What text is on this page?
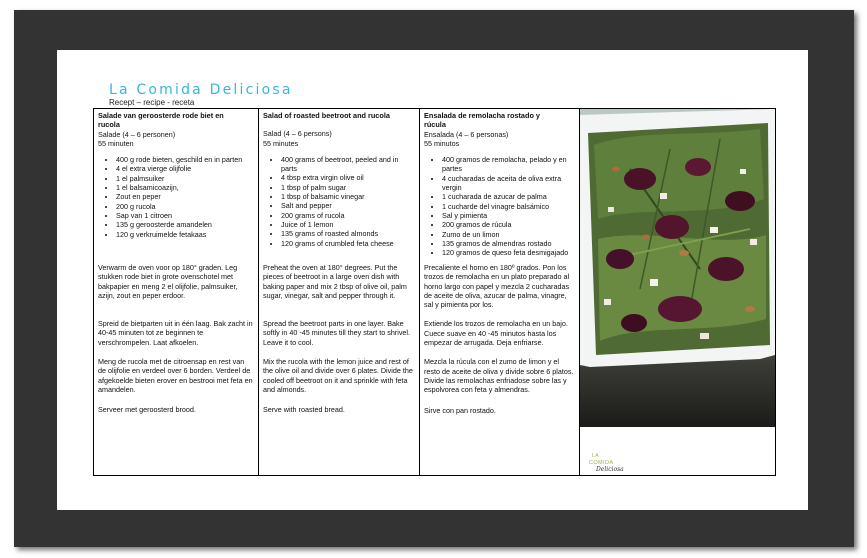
La Comida Deliciosa
Recept – recipe - receta
Salade van geroosterde rode biet en
rucola

Salade (4 – 6 personen)

55 minuten

• 400 g rode bieten, geschild en in parten
• 4 el extra vierge olijfolie
• 1 el palmsuiker
• 1 el balsamicoazijn,
• Zout en peper
• 200 g rucola
• Sap van 1 citroen
• 135 g geroosterde amandelen
• 120 g verkruimelde fetakaas

Verwarm de oven voor op 180° graden. Leg stukken rode biet in grote ovenschotel met bakpapier en meng 2 el olijfolie, palmsuiker, azijn, zout en peper erdoor.

Spreid de bietparten uit in één laag. Bak zacht in 40-45 minuten tot ze beginnen te verschrompelen. Laat afkoelen.

Meng de rucola met de citroensap en rest van de olijfolie en verdeel over 6 borden. Verdeel de afgekoelde bieten erover en bestrooi met feta en amandelen.

Serveer met geroosterd brood.

Salad of roasted beetroot and rucola

Salad (4 – 6 persons)

55 minutes

• 400 grams of beetroot, peeled and in parts
• 4 tbsp extra virgin olive oil
• 1 tbsp of palm sugar
• 1 tbsp of balsamic vinegar
• Salt and pepper
• 200 grams of rucola
• Juice of 1 lemon
• 135 grams of roasted almonds
• 120 grams of crumbled feta cheese

Preheat the oven at 180° degrees. Put the pieces of beetroot in a large oven dish with baking paper and mix 2 tbsp of olive oil, palm sugar, vinegar, salt and pepper through it.

Spread the beetroot parts in one layer. Bake softly in 40 -45 minutes till they start to shrivel. Leave it to cool.

Mix the rucola with the lemon juice and rest of the olive oil and divide over 6 plates. Divide the cooled off beetroot on it and sprinkle with feta and almonds.

Serve with roasted bread.

Ensalada de remolacha rostado y
rúcula

Ensalada (4 – 6 personas)

55 minutos

• 400 gramos de remolacha, pelado y en partes
• 4 cucharadas de aceita de oliva extra vergin
• 1 cucharada de azucar de palma
• 1 cucharde del vinagre balsámico
• Sal y pimienta
• 200 gramos de rúcula
• Zumo de un limon
• 135 gramos de almendras rostado
• 120 gramos de queso feta desmigajado

Precaliente el horno en 180º grados. Pon los trozos de remolacha en un plato preparado al horno largo con papel y mezcla 2 cucharadas de aceite de oliva, azucar de palma, vinagre, sal y pimienta por los.

Extiende los trozos de remolacha en un bajo. Cuece suave en 40 -45 minutos hasta los empezar de arrugada. Deja enfriarse.

Mezcla la rúcula con el zumo de limon y el resto de aceite de oliva y divide sobre 6 platos. Divide las remolachas enfriadose sobre las y espolvorea con feta y almendras.

Sirve con pan rostado.

LA
COMIDA
Deliciosa
